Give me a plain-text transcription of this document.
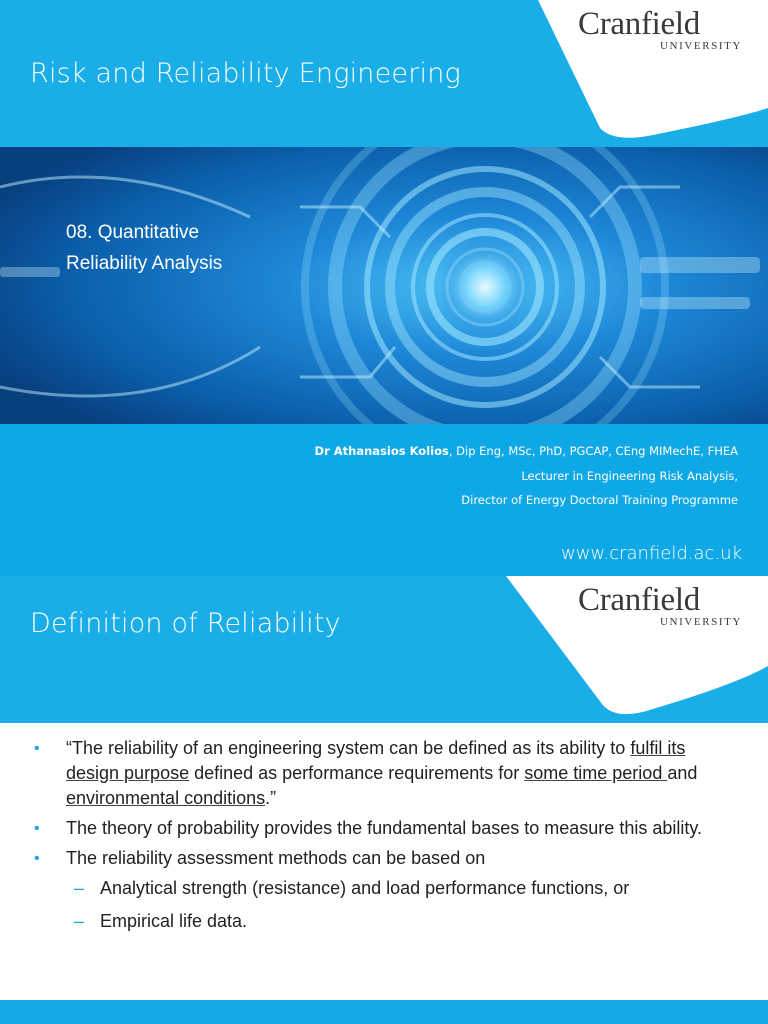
Risk and Reliability Engineering
Cranfield
UNIVERSITY
08. Quantitative
Reliability Analysis
Dr Athanasios Kolios, Dip Eng, MSc, PhD, PGCAP, CEng MIMechE, FHEA
Lecturer in Engineering Risk Analysis,
Director of Energy Doctoral Training Programme
www.cranfield.ac.uk
Definition of Reliability
Cranfield
UNIVERSITY
• “The reliability of an engineering system can be defined as its ability to fulfil its design purpose defined as performance requirements for some time period and environmental conditions.”
• The theory of probability provides the fundamental bases to measure this ability.
• The reliability assessment methods can be based on
– Analytical strength (resistance) and load performance functions, or
– Empirical life data.
